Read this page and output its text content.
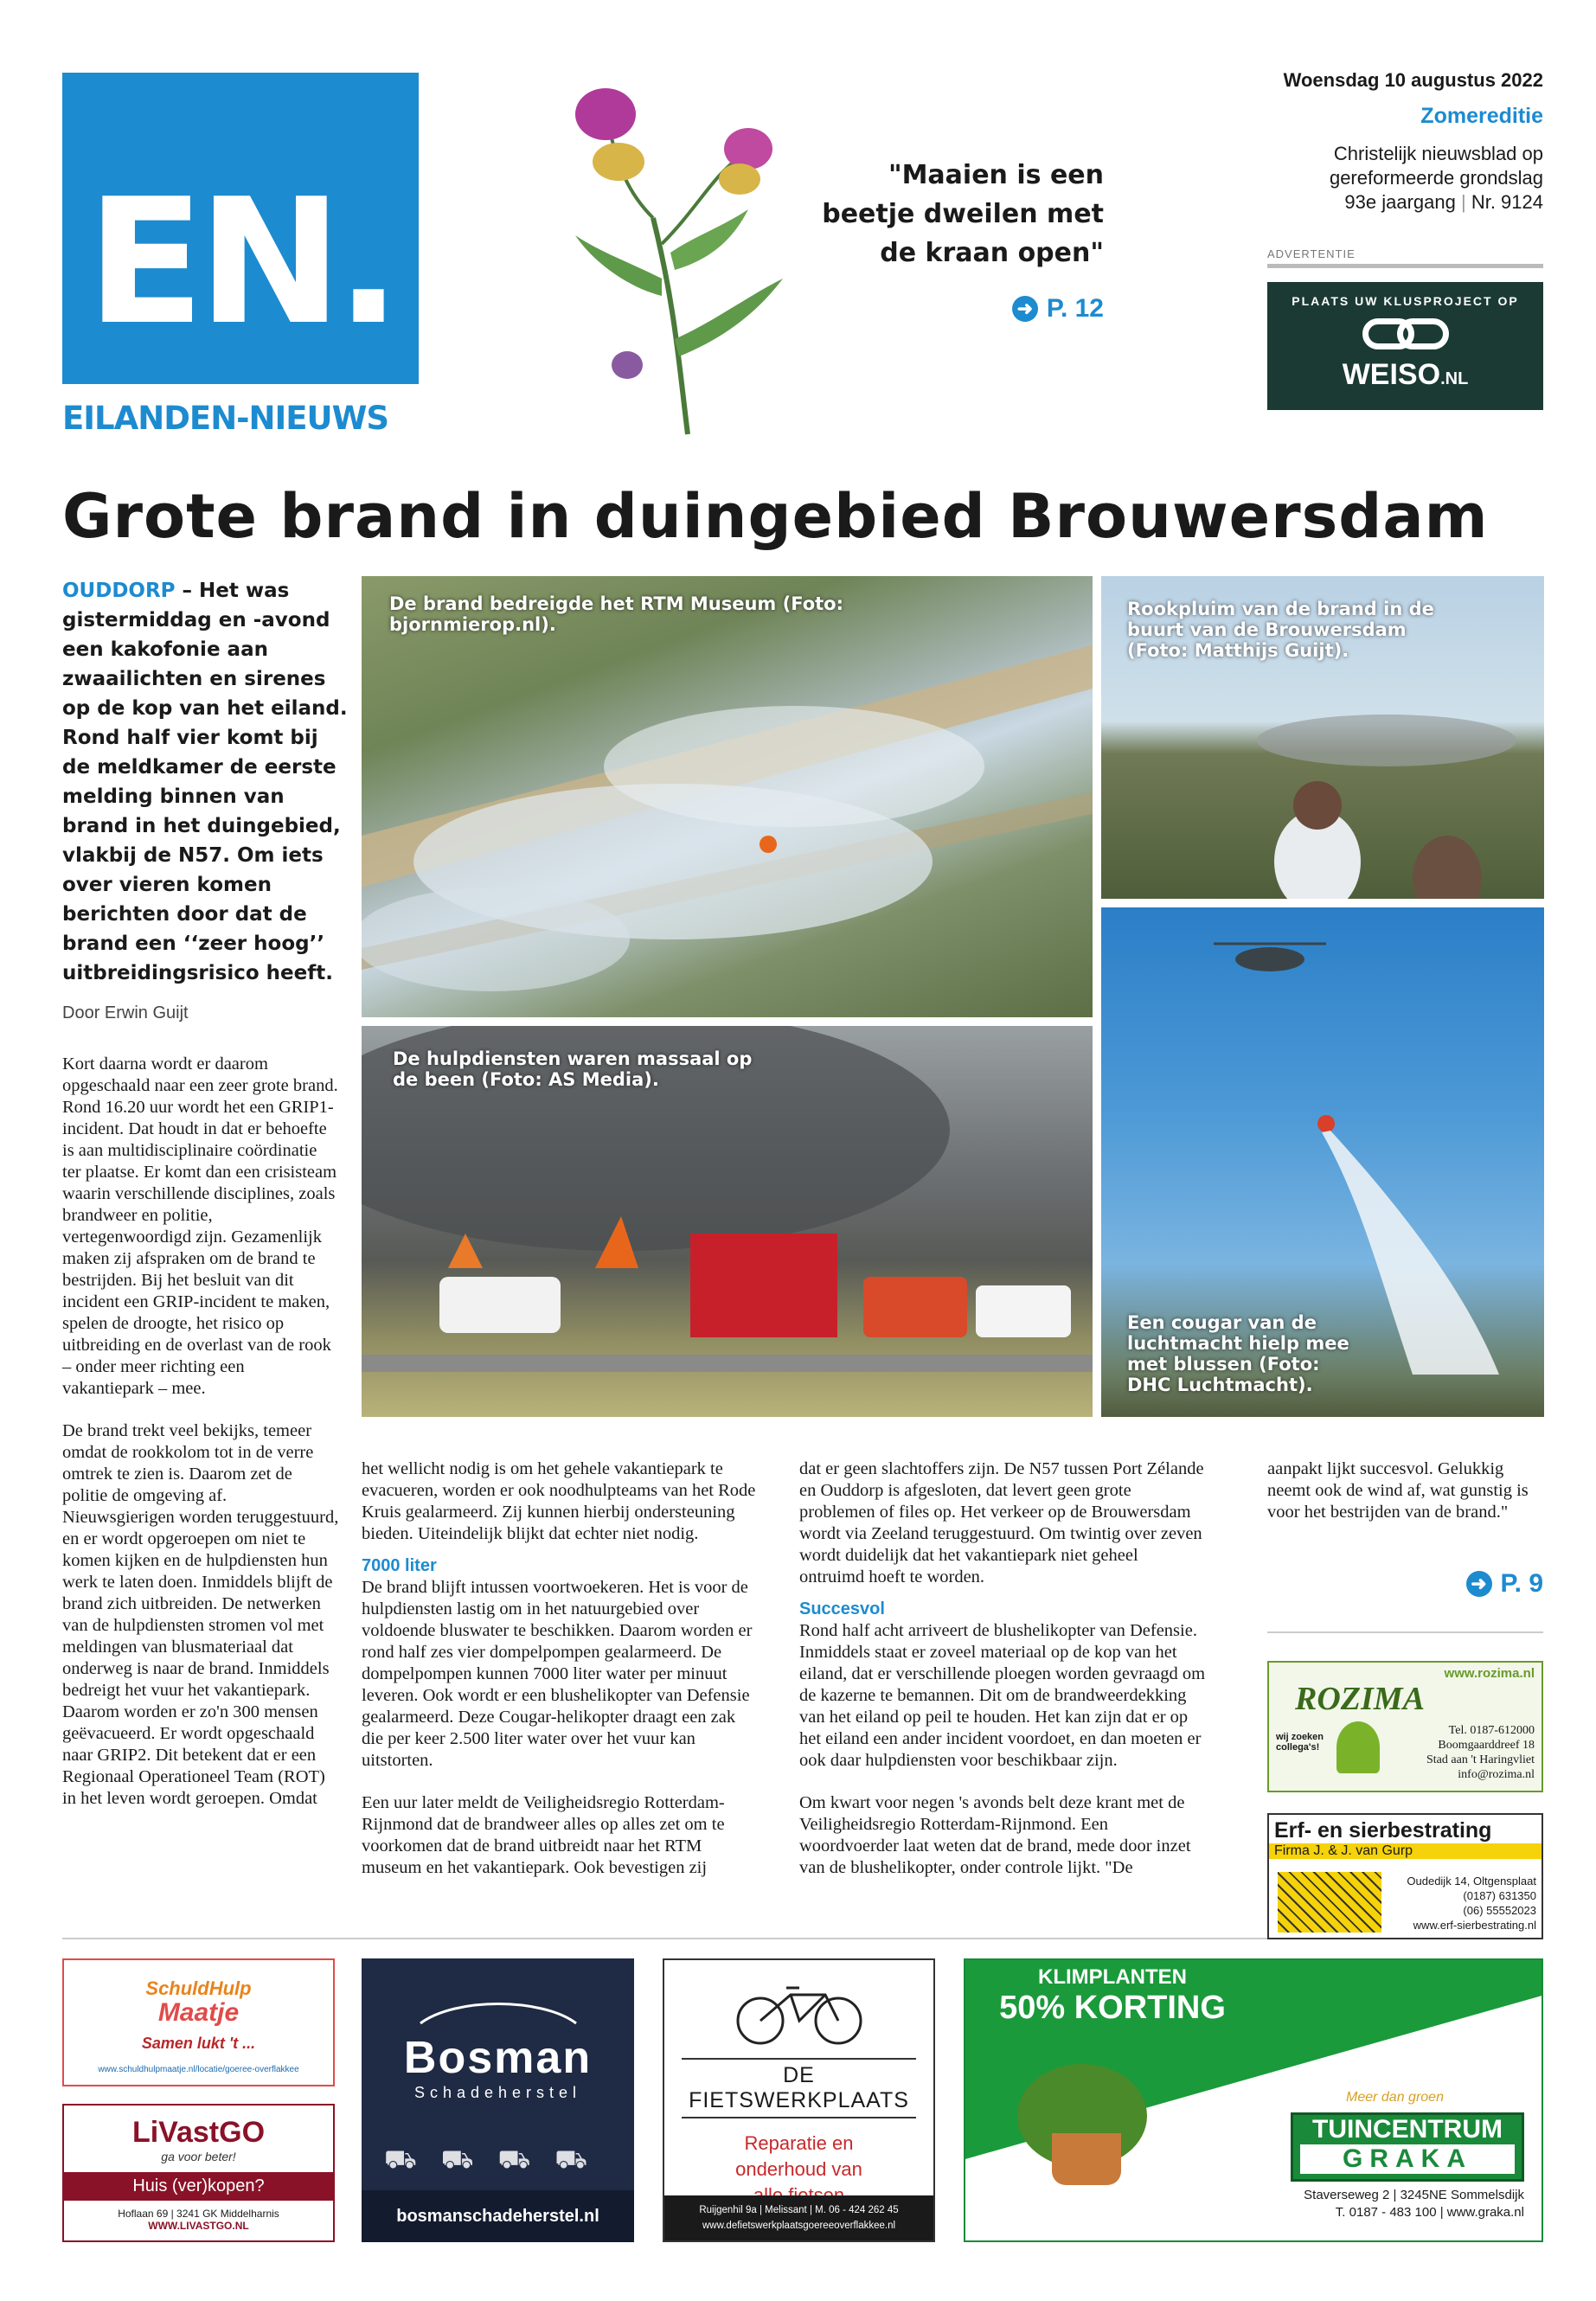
EN.
EILANDEN-NIEUWS
"Maaien is een beetje dweilen met de kraan open"
➜ P. 12
Woensdag 10 augustus 2022
Zomereditie
Christelijk nieuwsblad op
gereformeerde grondslag
93e jaargang | Nr. 9124
ADVERTENTIE
PLAATS UW KLUSPROJECT OP
WEISO.NL
Grote brand in duingebied Brouwersdam
OUDDORP – Het was gistermiddag en -avond een kakofonie aan zwaailichten en sirenes op de kop van het eiland. Rond half vier komt bij de meldkamer de eerste melding binnen van brand in het duingebied, vlakbij de N57. Om iets over vieren komen berichten door dat de brand een ‘‘zeer hoog’’ uitbreidingsrisico heeft.
Door Erwin Guijt

Kort daarna wordt er daarom opgeschaald naar een zeer grote brand. Rond 16.20 uur wordt het een GRIP1-incident. Dat houdt in dat er behoefte is aan multidisciplinaire coördinatie ter plaatse. Er komt dan een crisisteam waarin verschillende disciplines, zoals brandweer en politie, vertegenwoordigd zijn. Gezamenlijk maken zij afspraken om de brand te bestrijden. Bij het besluit van dit incident een GRIP-incident te maken, spelen de droogte, het risico op uitbreiding en de overlast van de rook – onder meer richting een vakantiepark – mee.

De brand trekt veel bekijks, temeer omdat de rookkolom tot in de verre omtrek te zien is. Daarom zet de politie de omgeving af. Nieuwsgierigen worden teruggestuurd, en er wordt opgeroepen om niet te komen kijken en de hulpdiensten hun werk te laten doen. Inmiddels blijft de brand zich uitbreiden. De netwerken van de hulpdiensten stromen vol met meldingen van blusmateriaal dat onderweg is naar de brand. Inmiddels bedreigt het vuur het vakantiepark. Daarom worden er zo'n 300 mensen geëvacueerd. Er wordt opgeschaald naar GRIP2. Dit betekent dat er een Regionaal Operationeel Team (ROT) in het leven wordt geroepen. Omdat

De brand bedreigde het RTM Museum (Foto: bjornmierop.nl).
Rookpluim van de brand in de buurt van de Brouwersdam (Foto: Matthijs Guijt).
De hulpdiensten waren massaal op de been (Foto: AS Media).
Een cougar van de luchtmacht hielp mee met blussen (Foto: DHC Luchtmacht).

het wellicht nodig is om het gehele vakantiepark te evacueren, worden er ook noodhulpteams van het Rode Kruis gealarmeerd. Zij kunnen hierbij ondersteuning bieden. Uiteindelijk blijkt dat echter niet nodig.

7000 liter

De brand blijft intussen voortwoekeren. Het is voor de hulpdiensten lastig om in het natuurgebied over voldoende bluswater te beschikken. Daarom worden er rond half zes vier dompelpompen gealarmeerd. De dompelpompen kunnen 7000 liter water per minuut leveren. Ook wordt er een blushelikopter van Defensie gealarmeerd. Deze Cougar-helikopter draagt een zak die per keer 2.500 liter water over het vuur kan uitstorten.

Een uur later meldt de Veiligheidsregio Rotterdam-Rijnmond dat de brandweer alles op alles zet om te voorkomen dat de brand uitbreidt naar het RTM museum en het vakantiepark. Ook bevestigen zij

dat er geen slachtoffers zijn. De N57 tussen Port Zélande en Ouddorp is afgesloten, dat levert geen grote problemen of files op. Het verkeer op de Brouwersdam wordt via Zeeland teruggestuurd. Om twintig over zeven wordt duidelijk dat het vakantiepark niet geheel ontruimd hoeft te worden.

Succesvol

Rond half acht arriveert de blushelikopter van Defensie. Inmiddels staat er zoveel materiaal op de kop van het eiland, dat er verschillende ploegen worden gevraagd om de kazerne te bemannen. Dit om de brandweerdekking van het eiland op peil te houden. Het kan zijn dat er op het eiland een ander incident voordoet, en dan moeten er ook daar hulpdiensten voor beschikbaar zijn.

Om kwart voor negen 's avonds belt deze krant met de Veiligheidsregio Rotterdam-Rijnmond. Een woordvoerder laat weten dat de brand, mede door inzet van de blushelikopter, onder controle lijkt. "De

aanpakt lijkt succesvol. Gelukkig neemt ook de wind af, wat gunstig is voor het bestrijden van de brand."

➜ P. 9
www.rozima.nl
ROZIMA
wij zoeken collega's!
Tel. 0187-612000
Boomgaarddreef 18
Stad aan 't Haringvliet
info@rozima.nl
Erf- en sierbestrating
Firma J. & J. van Gurp
Oudedijk 14, Oltgensplaat
(0187) 631350
(06) 55552023
www.erf-sierbestrating.nl
SchuldHulp
Maatje
Samen lukt 't ...
www.schuldhulpmaatje.nl/locatie/goeree-overflakkee
LiVastGO
ga voor beter!
Huis (ver)kopen?
Hoflaan 69 | 3241 GK Middelharnis
WWW.LIVASTGO.NL
Bosman
Schadeherstel
⛟⛟⛟⛟
bosmanschadeherstel.nl
DE FIETSWERKPLAATS
Reparatie en
onderhoud van
Ruijgenhil 9a | Melissant | M. 06 - 424 262 45
www.defietswerkplaatsgoereeoverflakkee.nl
KLIMPLANTEN
50% KORTING
Meer dan groen
TUINCENTRUM
GRAKA
Staverseweg 2 | 3245NE Sommelsdijk
T. 0187 - 483 100 | www.graka.nl
